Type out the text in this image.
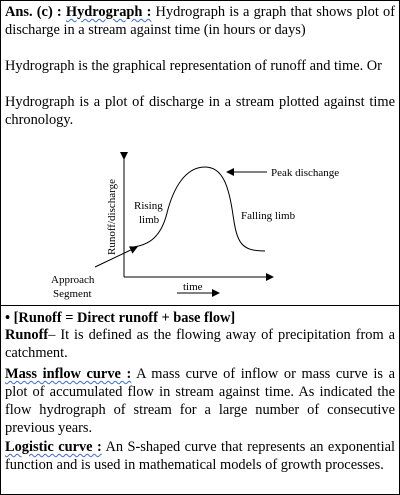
Ans. (c) : Hydrograph : Hydrograph is a graph that shows plot of discharge in a stream against time (in hours or days)
Hydrograph is the graphical representation of runoff and time. Or
Hydrograph is a plot of discharge in a stream plotted against time chronology.
Peak dischange
Rising
limb	Falling limb
Runoff/discharge
Approach
Segment
time
• [Runoff = Direct runoff + base flow]
Runoff– It is defined as the flowing away of precipitation from a catchment.
Mass inflow curve : A mass curve of inflow or mass curve is a plot of accumulated flow in stream against time. As indicated the flow hydrograph of stream for a large number of consecutive previous years.
Logistic curve : An S-shaped curve that represents an exponential function and is used in mathematical models of growth processes.
